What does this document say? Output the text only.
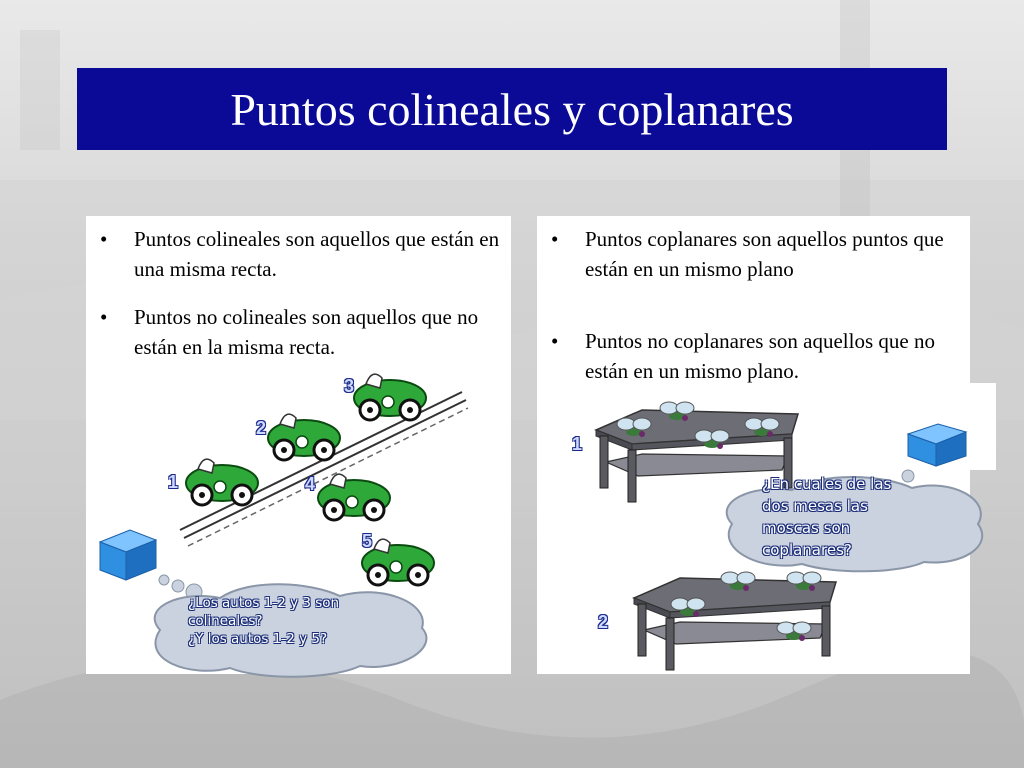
Puntos colineales y coplanares
• Puntos colineales son aquellos que están en una misma recta.
• Puntos no colineales son aquellos que no están en la misma recta.
1
2
3
4
5
¿Los autos 1-2 y 3 son
colineales?
¿Y los autos 1-2 y 5?
• Puntos coplanares son aquellos puntos que están en un mismo plano
• Puntos no coplanares son aquellos que no están en un mismo plano.
1
2
¿En cuales de las
dos mesas las
moscas son
coplanares?
